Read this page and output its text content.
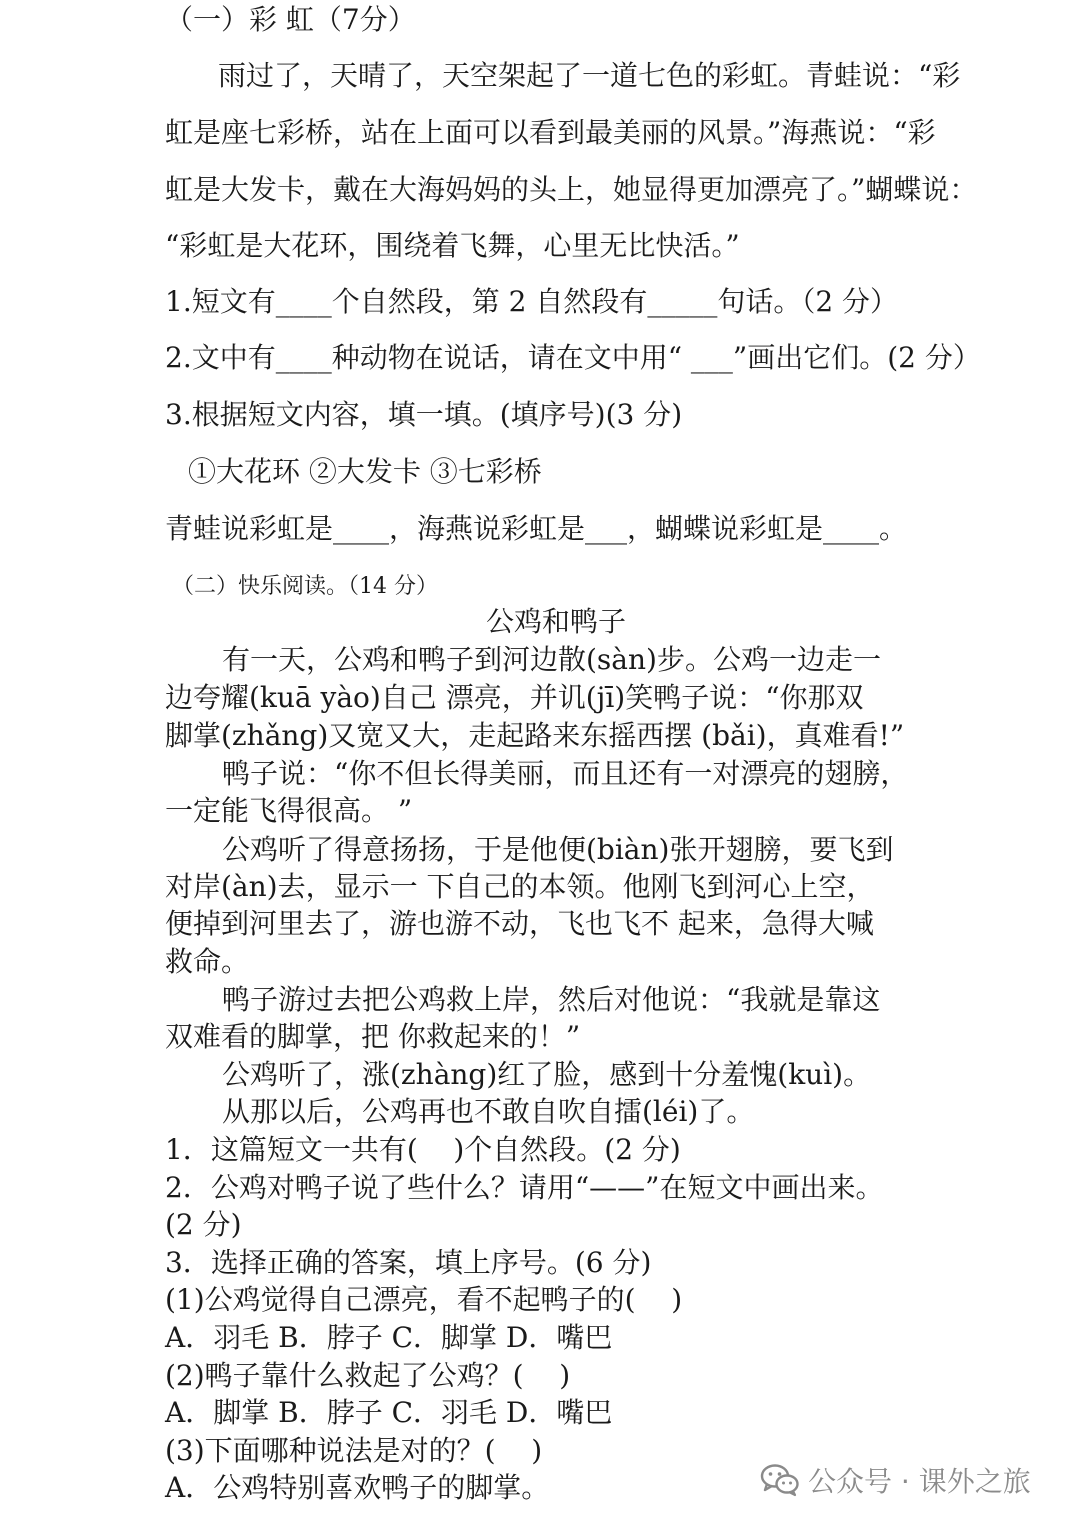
（一）彩 虹（7分）
雨过了，天晴了，天空架起了一道七色的彩虹。青蛙说：“彩
虹是座七彩桥，站在上面可以看到最美丽的风景。”海燕说：“彩
虹是大发卡，戴在大海妈妈的头上，她显得更加漂亮了。”蝴蝶说：
“彩虹是大花环，围绕着飞舞，心里无比快活。”
1.短文有____个自然段，第 2 自然段有_____句话。（2 分）
2.文中有____种动物在说话，请在文中用“ ___”画出它们。(2 分）
3.根据短文内容，填一填。(填序号)(3 分)
①大花环 ②大发卡 ③七彩桥
青蛙说彩虹是____，海燕说彩虹是___，蝴蝶说彩虹是____。
（二）快乐阅读。（14 分）
公鸡和鸭子
有一天，公鸡和鸭子到河边散(sàn)步。公鸡一边走一
边夸耀(kuā yào)自己 漂亮，并讥(jī)笑鸭子说：“你那双
脚掌(zhǎng)又宽又大，走起路来东摇西摆 (bǎi)，真难看!”
鸭子说：“你不但长得美丽，而且还有一对漂亮的翅膀，
一定能飞得很高。 ”
公鸡听了得意扬扬，于是他便(biàn)张开翅膀，要飞到
对岸(àn)去，显示一 下自己的本领。他刚飞到河心上空，
便掉到河里去了，游也游不动，飞也飞不 起来，急得大喊
救命。
鸭子游过去把公鸡救上岸，然后对他说：“我就是靠这
双难看的脚掌，把 你救起来的！”
公鸡听了，涨(zhàng)红了脸，感到十分羞愧(kuì)。
从那以后，公鸡再也不敢自吹自擂(léi)了。
1．这篇短文一共有(    )个自然段。(2 分)
2．公鸡对鸭子说了些什么？请用“——”在短文中画出来。
(2 分)
3．选择正确的答案，填上序号。(6 分)
(1)公鸡觉得自己漂亮，看不起鸭子的(    )
A．羽毛 B．脖子 C．脚掌 D．嘴巴
(2)鸭子靠什么救起了公鸡？(    )
A．脚掌 B．脖子 C．羽毛 D．嘴巴
(3)下面哪种说法是对的？(    )
A．公鸡特别喜欢鸭子的脚掌。	公众号 · 课外之旅
